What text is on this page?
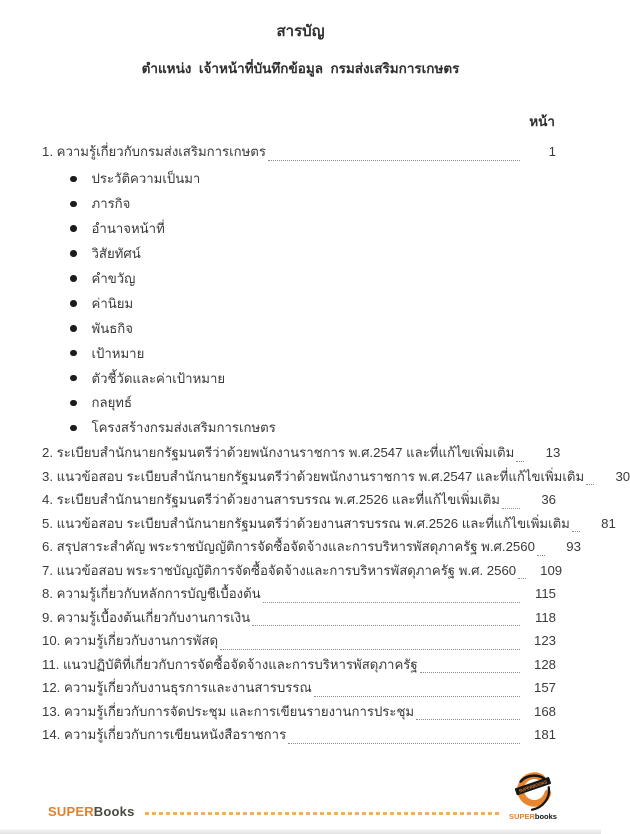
สารบัญ
ตำแหน่ง  เจ้าหน้าที่บันทึกข้อมูล  กรมส่งเสริมการเกษตร
หน้า
1. ความรู้เกี่ยวกับกรมส่งเสริมการเกษตร	1
ประวัติความเป็นมา
ภารกิจ
อำนาจหน้าที่
วิสัยทัศน์
คำขวัญ
ค่านิยม
พันธกิจ
เป้าหมาย
ตัวชี้วัดและค่าเป้าหมาย
กลยุทธ์
โครงสร้างกรมส่งเสริมการเกษตร
2. ระเบียบสำนักนายกรัฐมนตรีว่าด้วยพนักงานราชการ พ.ศ.2547 และที่แก้ไขเพิ่มเติม	13
3. แนวข้อสอบ ระเบียบสำนักนายกรัฐมนตรีว่าด้วยพนักงานราชการ พ.ศ.2547 และที่แก้ไขเพิ่มเติม	30
4. ระเบียบสำนักนายกรัฐมนตรีว่าด้วยงานสารบรรณ พ.ศ.2526 และที่แก้ไขเพิ่มเติม	36
5. แนวข้อสอบ ระเบียบสำนักนายกรัฐมนตรีว่าด้วยงานสารบรรณ พ.ศ.2526 และที่แก้ไขเพิ่มเติม	81
6. สรุปสาระสำคัญ พระราชบัญญัติการจัดซื้อจัดจ้างและการบริหารพัสดุภาครัฐ พ.ศ.2560	93
7. แนวข้อสอบ พระราชบัญญัติการจัดซื้อจัดจ้างและการบริหารพัสดุภาครัฐ พ.ศ. 2560	109
8. ความรู้เกี่ยวกับหลักการบัญชีเบื้องต้น	115
9. ความรู้เบื้องต้นเกี่ยวกับงานการเงิน	118
10. ความรู้เกี่ยวกับงานการพัสดุ	123
11. แนวปฏิบัติที่เกี่ยวกับการจัดซื้อจัดจ้างและการบริหารพัสดุภาครัฐ	128
12. ความรู้เกี่ยวกับงานธุรการและงานสารบรรณ	157
13. ความรู้เกี่ยวกับการจัดประชุม และการเขียนรายงานการประชุม	168
14. ความรู้เกี่ยวกับการเขียนหนังสือราชการ	181
SUPERBooks
SUPERBOOKS
SUPERbooks
